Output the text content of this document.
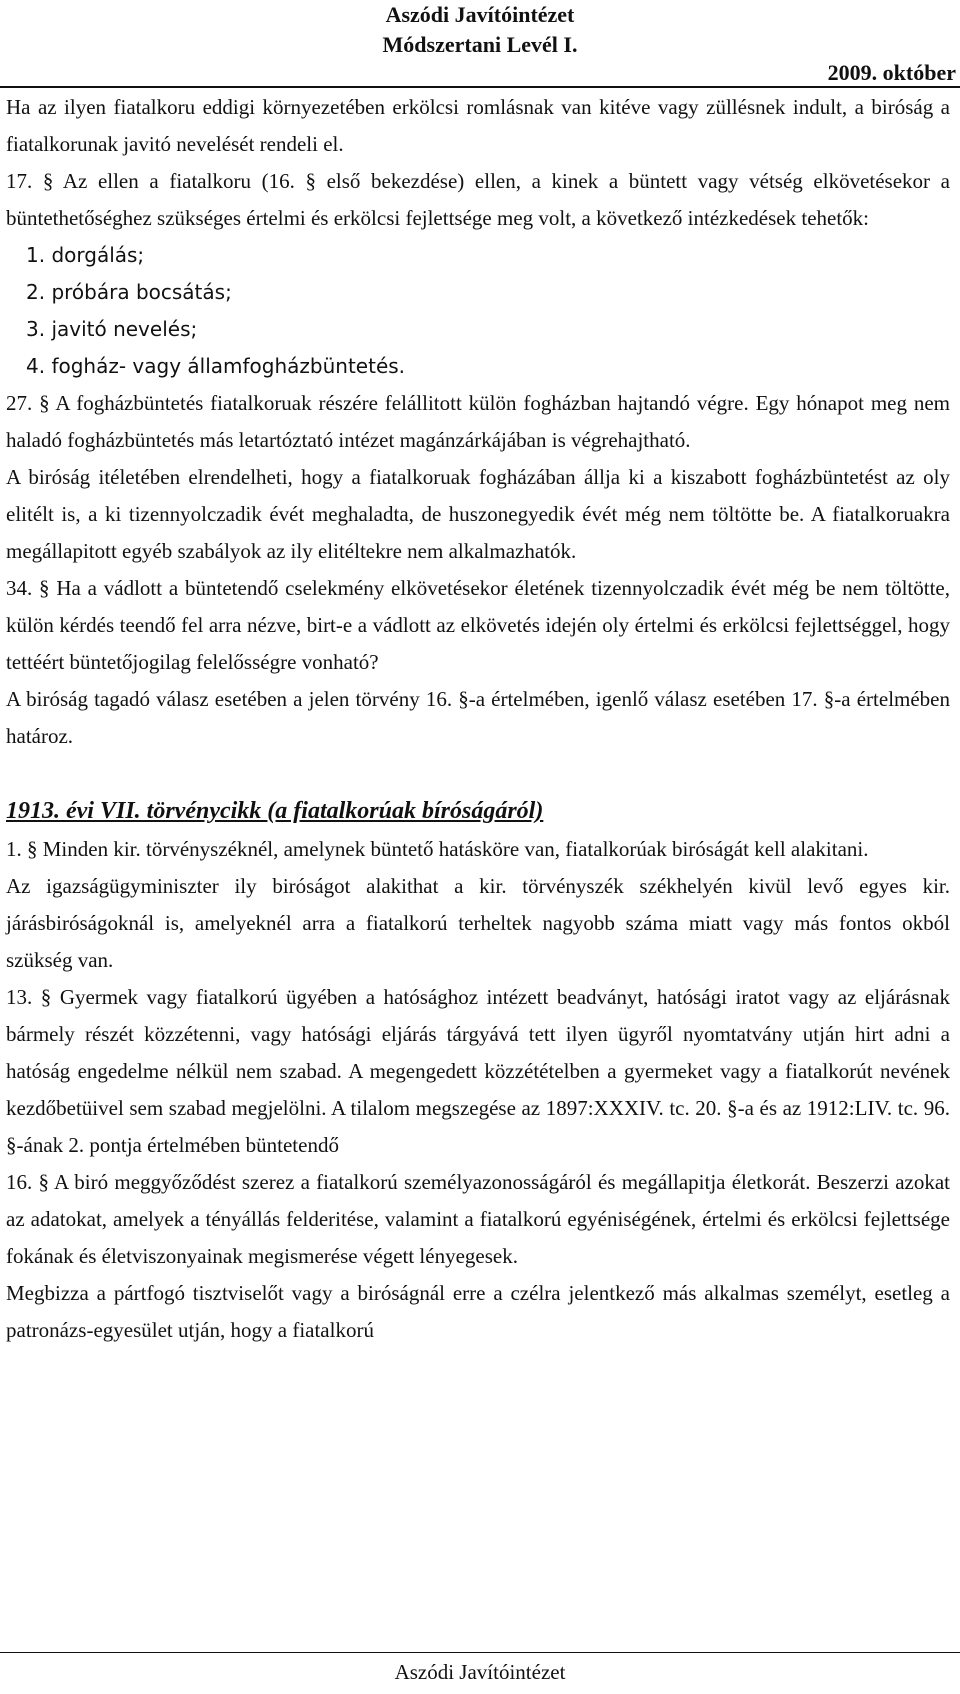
Aszódi Javítóintézet
Módszertani Levél I.
2009. október

Ha az ilyen fiatalkoru eddigi környezetében erkölcsi romlásnak van kitéve vagy züllésnek indult, a biróság a fiatalkorunak javitó nevelését rendeli el.

17. § Az ellen a fiatalkoru (16. § első bekezdése) ellen, a kinek a büntett vagy vétség elkövetésekor a büntethetőséghez szükséges értelmi és erkölcsi fejlettsége meg volt, a következő intézkedések tehetők:

1. dorgálás;

2. próbára bocsátás;

3. javitó nevelés;

4. fogház- vagy államfogházbüntetés.

27. § A fogházbüntetés fiatalkoruak részére felállitott külön fogházban hajtandó végre. Egy hónapot meg nem haladó fogházbüntetés más letartóztató intézet magánzárkájában is végrehajtható.

A biróság itéletében elrendelheti, hogy a fiatalkoruak fogházában állja ki a kiszabott fogházbüntetést az oly elitélt is, a ki tizennyolczadik évét meghaladta, de huszonegyedik évét még nem töltötte be. A fiatalkoruakra megállapitott egyéb szabályok az ily elitéltekre nem alkalmazhatók.

34. § Ha a vádlott a büntetendő cselekmény elkövetésekor életének tizennyolczadik évét még be nem töltötte, külön kérdés teendő fel arra nézve, birt-e a vádlott az elkövetés idején oly értelmi és erkölcsi fejlettséggel, hogy tettéért büntetőjogilag felelősségre vonható?

A biróság tagadó válasz esetében a jelen törvény 16. §-a értelmében, igenlő válasz esetében 17. §-a értelmében határoz.

1913. évi VII. törvénycikk (a fiatalkorúak bíróságáról)

1. § Minden kir. törvényszéknél, amelynek büntető hatásköre van, fiatalkorúak biróságát kell alakitani.

Az igazságügyminiszter ily biróságot alakithat a kir. törvényszék székhelyén kivül levő egyes kir. járásbiróságoknál is, amelyeknél arra a fiatalkorú terheltek nagyobb száma miatt vagy más fontos okból szükség van.

13. § Gyermek vagy fiatalkorú ügyében a hatósághoz intézett beadványt, hatósági iratot vagy az eljárásnak bármely részét közzétenni, vagy hatósági eljárás tárgyává tett ilyen ügyről nyomtatvány utján hirt adni a hatóság engedelme nélkül nem szabad. A megengedett közzétételben a gyermeket vagy a fiatalkorút nevének kezdőbetüivel sem szabad megjelölni. A tilalom megszegése az 1897:XXXIV. tc. 20. §-a és az 1912:LIV. tc. 96. §-ának 2. pontja értelmében büntetendő

16. § A biró meggyőződést szerez a fiatalkorú személyazonosságáról és megállapitja életkorát. Beszerzi azokat az adatokat, amelyek a tényállás felderitése, valamint a fiatalkorú egyéniségének, értelmi és erkölcsi fejlettsége fokának és életviszonyainak megismerése végett lényegesek.

Megbizza a pártfogó tisztviselőt vagy a biróságnál erre a czélra jelentkező más alkalmas személyt, esetleg a patronázs-egyesület utján, hogy a fiatalkorú

Aszódi Javítóintézet
